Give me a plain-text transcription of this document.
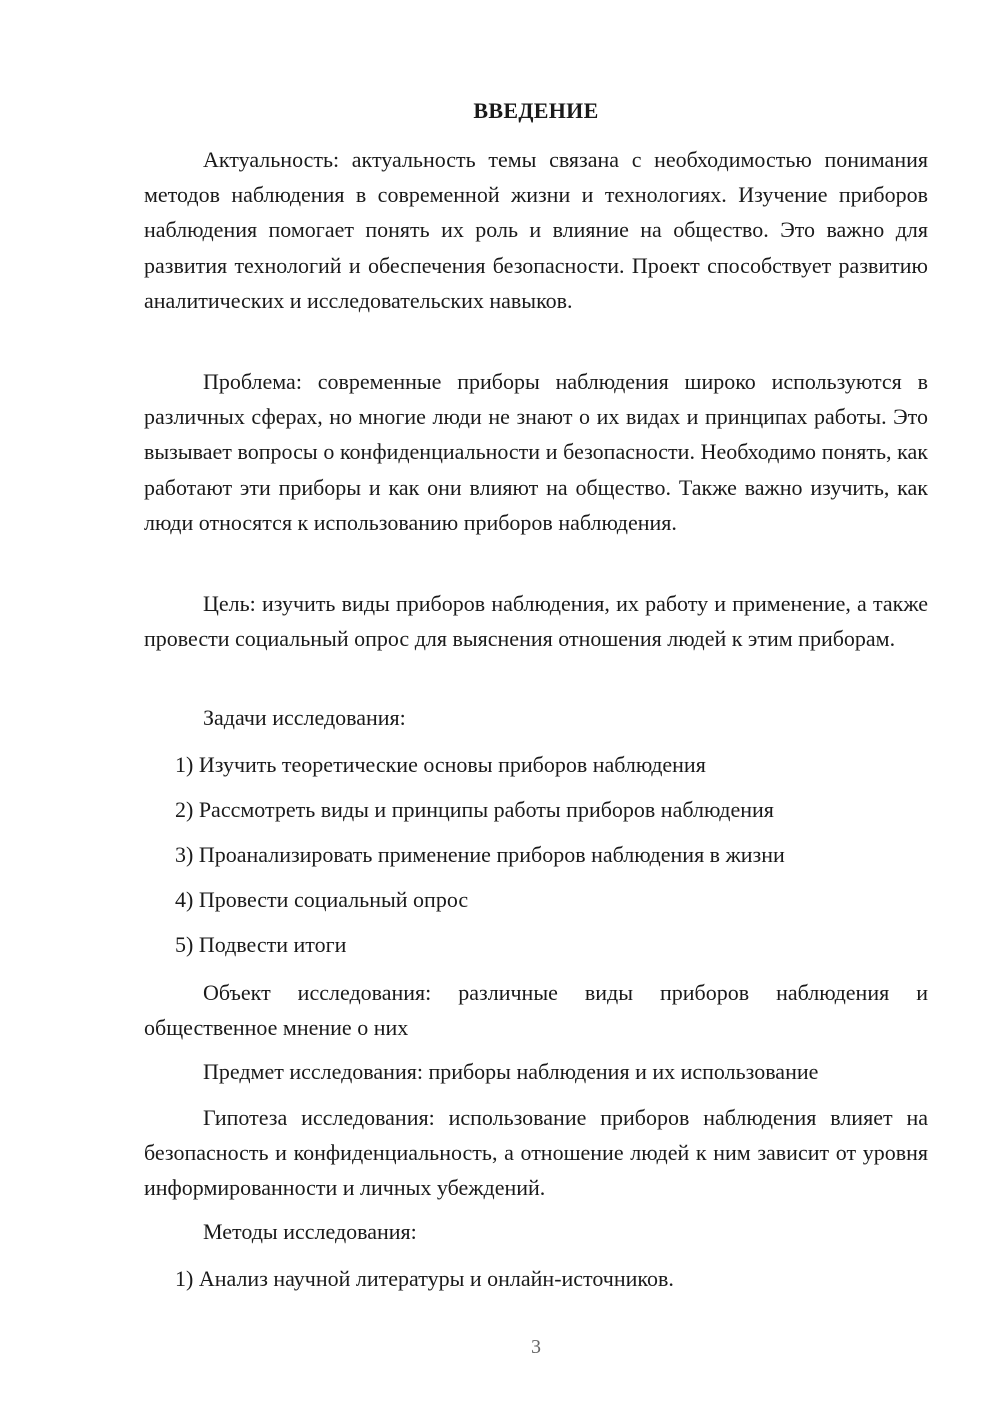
ВВЕДЕНИЕ

Актуальность: актуальность темы связана с необходимостью понимания методов наблюдения в современной жизни и технологиях. Изучение приборов наблюдения помогает понять их роль и влияние на общество. Это важно для развития технологий и обеспечения безопасности. Проект способствует развитию аналитических и исследовательских навыков.

Проблема: современные приборы наблюдения широко используются в различных сферах, но многие люди не знают о их видах и принципах работы. Это вызывает вопросы о конфиденциальности и безопасности. Необходимо понять, как работают эти приборы и как они влияют на общество. Также важно изучить, как люди относятся к использованию приборов наблюдения.

Цель: изучить виды приборов наблюдения, их работу и применение, а также провести социальный опрос для выяснения отношения людей к этим приборам.

Задачи исследования:

1) Изучить теоретические основы приборов наблюдения

2) Рассмотреть виды и принципы работы приборов наблюдения

3) Проанализировать применение приборов наблюдения в жизни

4) Провести социальный опрос

5) Подвести итоги

Объект исследования: различные виды приборов наблюдения и общественное мнение о них

Предмет исследования: приборы наблюдения и их использование

Гипотеза исследования: использование приборов наблюдения влияет на безопасность и конфиденциальность, а отношение людей к ним зависит от уровня информированности и личных убеждений.

Методы исследования:

1) Анализ научной литературы и онлайн-источников.

3
